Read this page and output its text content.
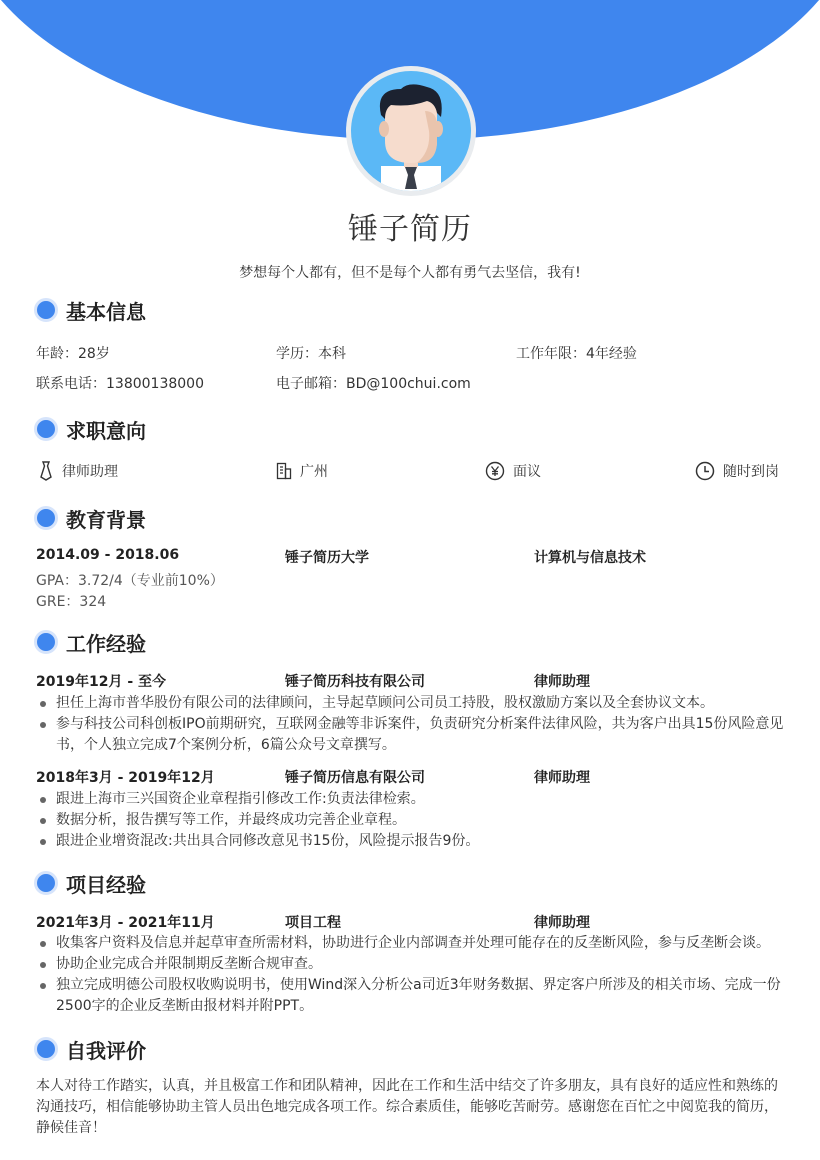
锤子简历
梦想每个人都有，但不是每个人都有勇气去坚信，我有!
基本信息
年龄：28岁	学历：本科	工作年限：4年经验
联系电话：13800138000	电子邮箱：BD@100chui.com
求职意向
律师助理	广州	面议	随时到岗
教育背景
2014.09 - 2018.06	锤子简历大学	计算机与信息技术
GPA：3.72/4（专业前10%）
GRE：324
工作经验
2019年12月 - 至今	锤子简历科技有限公司	律师助理
担任上海市普华股份有限公司的法律顾问，主导起草顾问公司员工持股，股权激励方案以及全套协议文本。
参与科技公司科创板IPO前期研究，互联网金融等非诉案件，负责研究分析案件法律风险，共为客户出具15份风险意见书，个人独立完成7个案例分析，6篇公众号文章撰写。
2018年3月 - 2019年12月	锤子简历信息有限公司	律师助理
跟进上海市三兴国资企业章程指引修改工作:负责法律检索。
数据分析，报告撰写等工作，并最终成功完善企业章程。
跟进企业增资混改:共出具合同修改意见书15份，风险提示报告9份。
项目经验
2021年3月 - 2021年11月	项目工程	律师助理
收集客户资料及信息并起草审查所需材料，协助进行企业内部调查并处理可能存在的反垄断风险，参与反垄断会谈。
协助企业完成合并限制期反垄断合规审查。
独立完成明德公司股权收购说明书，使用Wind深入分析公a司近3年财务数据、界定客户所涉及的相关市场、完成一份2500字的企业反垄断由报材料并附PPT。
自我评价
本人对待工作踏实，认真，并且极富工作和团队精神，因此在工作和生活中结交了许多朋友，具有良好的适应性和熟练的沟通技巧，相信能够协助主管人员出色地完成各项工作。综合素质佳，能够吃苦耐劳。感谢您在百忙之中阅览我的简历，静候佳音！
